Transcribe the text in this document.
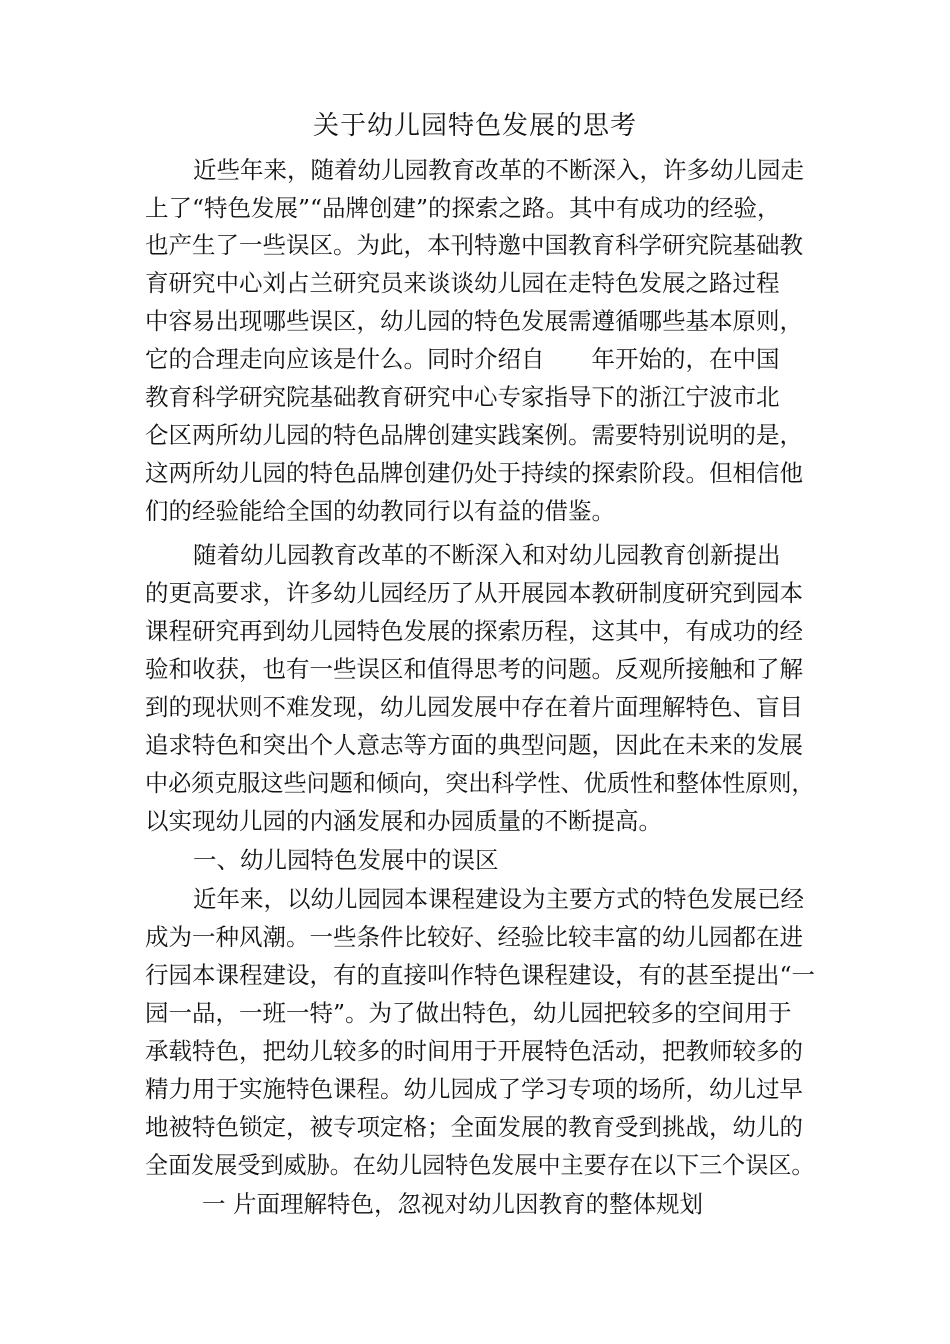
关于幼儿园特色发展的思考
近些年来，随着幼儿园教育改革的不断深入，许多幼儿园走
上了“特色发展”“品牌创建”的探索之路。其中有成功的经验，
也产生了一些误区。为此，本刊特邀中国教育科学研究院基础教
育研究中心刘占兰研究员来谈谈幼儿园在走特色发展之路过程
中容易出现哪些误区，幼儿园的特色发展需遵循哪些基本原则，
它的合理走向应该是什么。同时介绍自　　年开始的，在中国
教育科学研究院基础教育研究中心专家指导下的浙江宁波市北
仑区两所幼儿园的特色品牌创建实践案例。需要特别说明的是，
这两所幼儿园的特色品牌创建仍处于持续的探索阶段。但相信他
们的经验能给全国的幼教同行以有益的借鉴。
随着幼儿园教育改革的不断深入和对幼儿园教育创新提出
的更高要求，许多幼儿园经历了从开展园本教研制度研究到园本
课程研究再到幼儿园特色发展的探索历程，这其中，有成功的经
验和收获，也有一些误区和值得思考的问题。反观所接触和了解
到的现状则不难发现，幼儿园发展中存在着片面理解特色、盲目
追求特色和突出个人意志等方面的典型问题，因此在未来的发展
中必须克服这些问题和倾向，突出科学性、优质性和整体性原则，
以实现幼儿园的内涵发展和办园质量的不断提高。
一、幼儿园特色发展中的误区
近年来，以幼儿园园本课程建设为主要方式的特色发展已经
成为一种风潮。一些条件比较好、经验比较丰富的幼儿园都在进
行园本课程建设，有的直接叫作特色课程建设，有的甚至提出“一
园一品，一班一特”。为了做出特色，幼儿园把较多的空间用于
承载特色，把幼儿较多的时间用于开展特色活动，把教师较多的
精力用于实施特色课程。幼儿园成了学习专项的场所，幼儿过早
地被特色锁定，被专项定格；全面发展的教育受到挑战，幼儿的
全面发展受到威胁。在幼儿园特色发展中主要存在以下三个误区。
一 片面理解特色，忽视对幼儿因教育的整体规划
